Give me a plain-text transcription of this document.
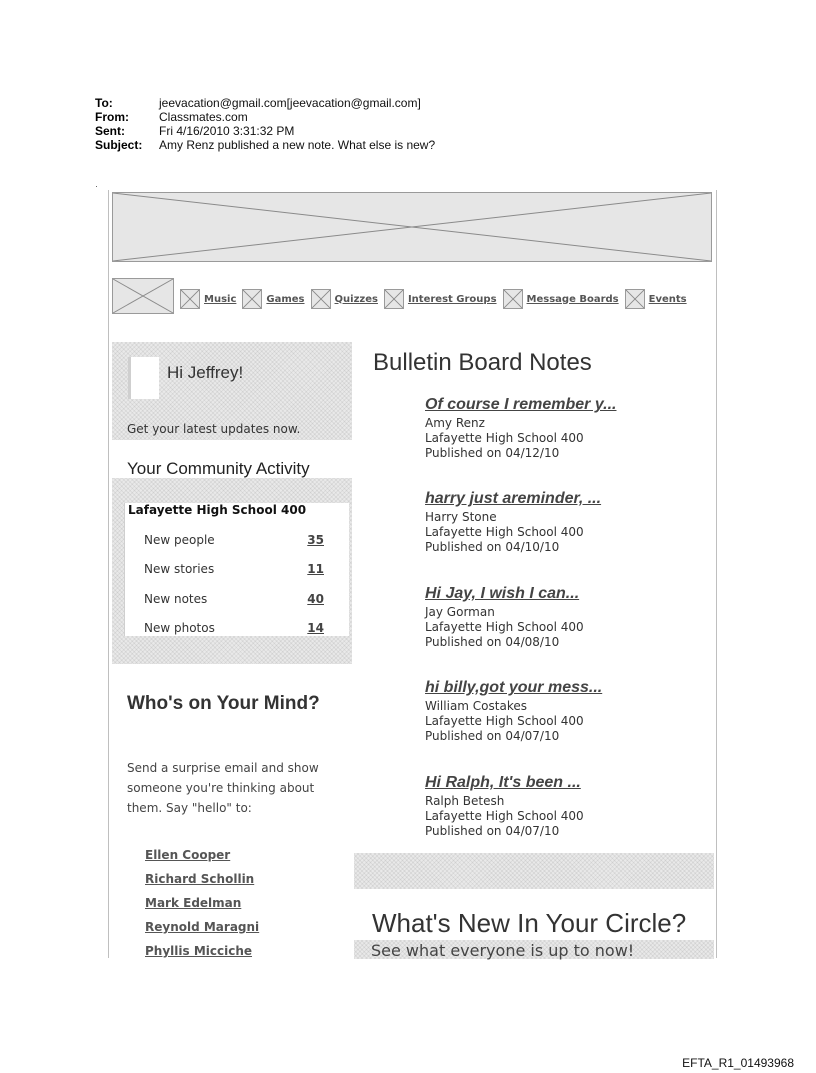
To:	jeevacation@gmail.com[jeevacation@gmail.com]
From:	Classmates.com
Sent:	Fri 4/16/2010 3:31:32 PM
Subject:	Amy Renz published a new note. What else is new?
Music	Games	Quizzes	Interest Groups	Message Boards	Events
Hi Jeffrey!
Get your latest updates now.
Your Community Activity
Lafayette High School 400
New people	35
New stories	11
New notes	40
New photos	14
Who's on Your Mind?
Send a surprise email and show someone you're thinking about them. Say "hello" to:
Ellen Cooper
Richard Schollin
Mark Edelman
Reynold Maragni
Phyllis Micciche
Bulletin Board Notes
Of course I remember y...
Amy Renz
Lafayette High School 400
Published on 04/12/10
harry just areminder, ...
Harry Stone
Lafayette High School 400
Published on 04/10/10
Hi Jay, I wish I can...
Jay Gorman
Lafayette High School 400
Published on 04/08/10
hi billy,got your mess...
William Costakes
Lafayette High School 400
Published on 04/07/10
Hi Ralph, It's been ...
Ralph Betesh
Lafayette High School 400
Published on 04/07/10
What's New In Your Circle?
See what everyone is up to now!
EFTA_R1_01493968
